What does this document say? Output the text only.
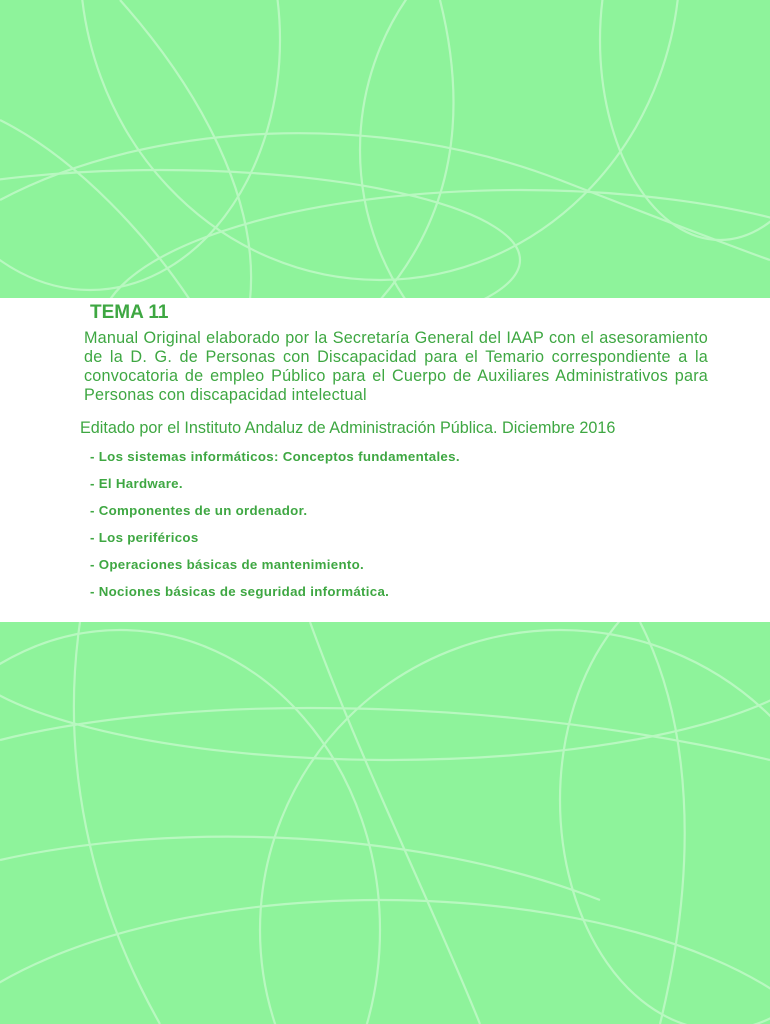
TEMA 11

Manual Original elaborado por la Secretaría General del IAAP con el asesoramiento de la D. G. de Personas con Discapacidad para el Temario correspondiente a la convocatoria de empleo Público para el Cuerpo de Auxiliares Administrativos para Personas con discapacidad intelectual

Editado por el Instituto Andaluz de Administración Pública. Diciembre 2016

- Los sistemas informáticos: Conceptos fundamentales.
- El Hardware.
- Componentes de un ordenador.
- Los periféricos
- Operaciones básicas de mantenimiento.
- Nociones básicas de seguridad informática.
